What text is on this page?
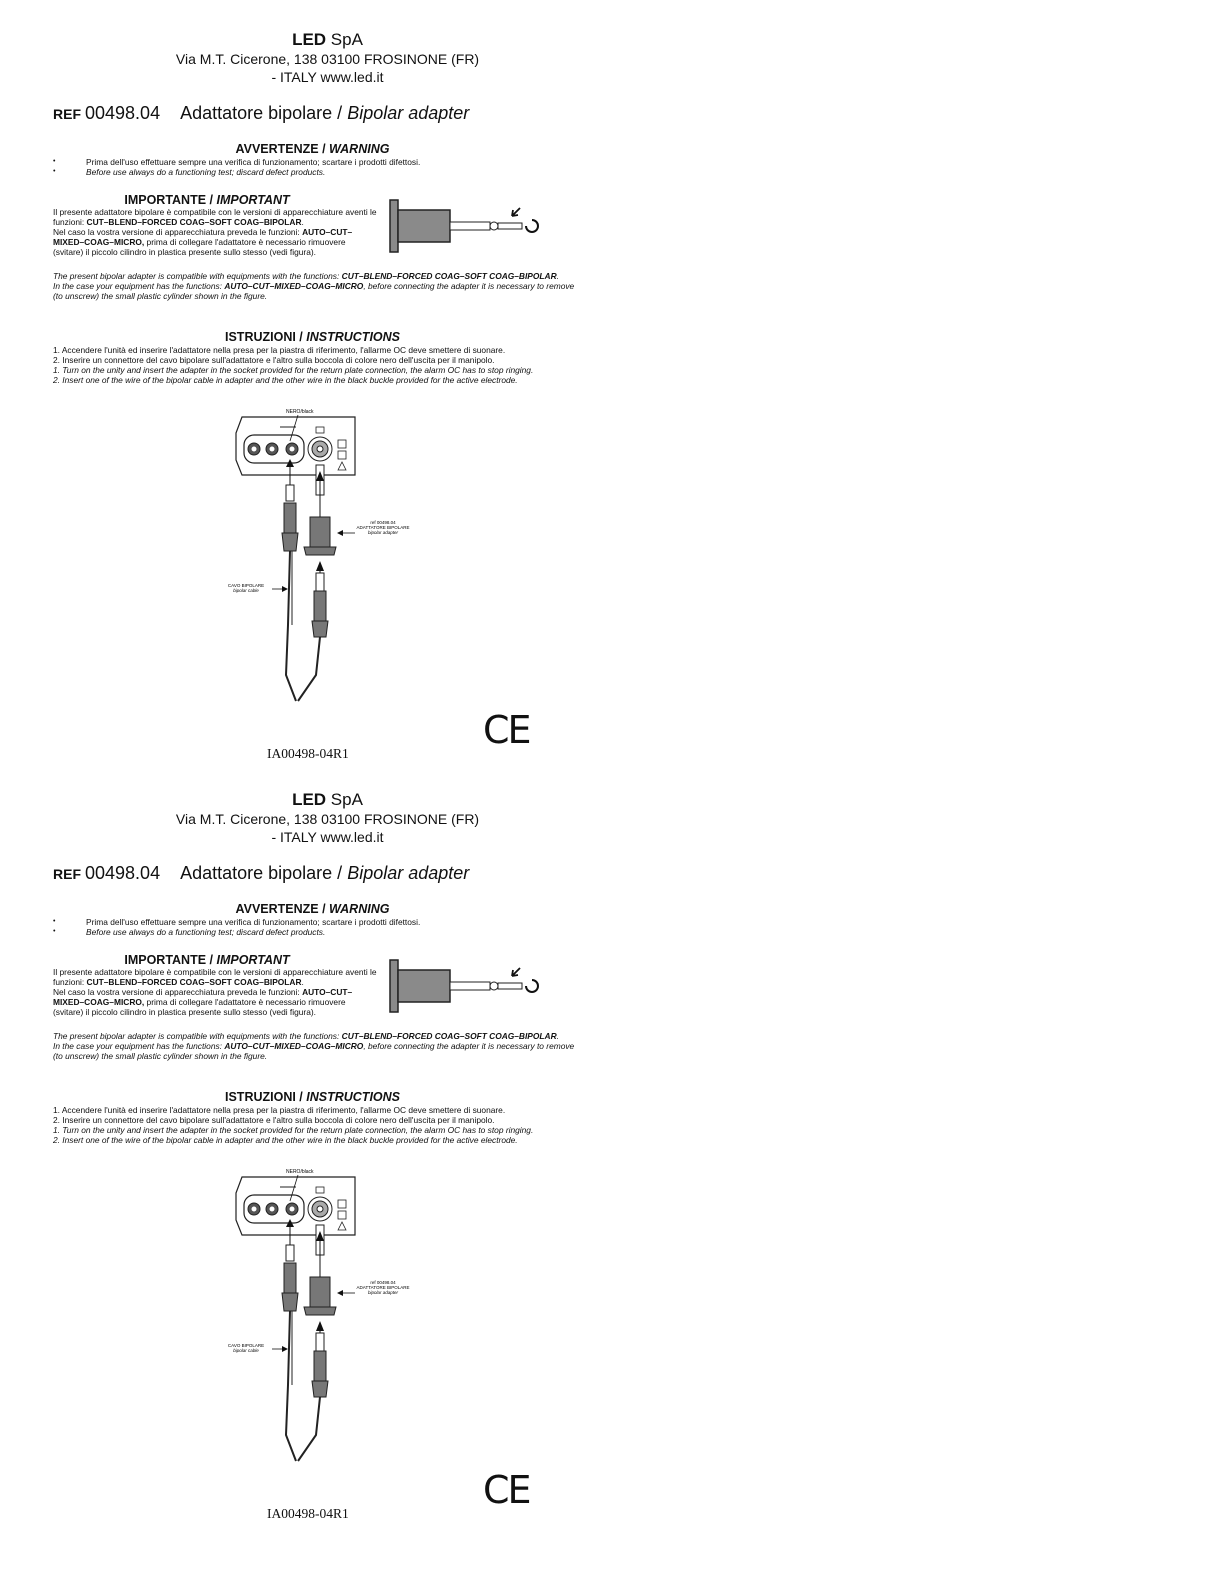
LED SpA
Via M.T. Cicerone, 138 03100 FROSINONE (FR)
- ITALY www.led.it
REF 00498.04 Adattatore bipolare / Bipolar adapter
AVVERTENZE / WARNING
• Prima dell'uso effettuare sempre una verifica di funzionamento; scartare i prodotti difettosi.
• Before use always do a functioning test; discard defect products.
IMPORTANTE / IMPORTANT
Il presente adattatore bipolare è compatibile con le versioni di apparecchiature aventi le funzioni: CUT–BLEND–FORCED COAG–SOFT COAG–BIPOLAR.
Nel caso la vostra versione di apparecchiatura preveda le funzioni: AUTO–CUT–MIXED–COAG–MICRO, prima di collegare l'adattatore è necessario rimuovere (svitare) il piccolo cilindro in plastica presente sullo stesso (vedi figura).
The present bipolar adapter is compatible with equipments with the functions: CUT–BLEND–FORCED COAG–SOFT COAG–BIPOLAR.
In the case your equipment has the functions: AUTO–CUT–MIXED–COAG–MICRO, before connecting the adapter it is necessary to remove (to unscrew) the small plastic cylinder shown in the figure.
ISTRUZIONI / INSTRUCTIONS
1. Accendere l'unità ed inserire l'adattatore nella presa per la piastra di riferimento, l'allarme OC deve smettere di suonare.
2. Inserire un connettore del cavo bipolare sull'adattatore e l'altro sulla boccola di colore nero dell'uscita per il manipolo.
1. Turn on the unity and insert the adapter in the socket provided for the return plate connection, the alarm OC has to stop ringing.
2. Insert one of the wire of the bipolar cable in adapter and the other wire in the black buckle provided for the active electrode.
NERO/black
ref 00498.04
ADATTATORE BIPOLARE
bipolar adapter
CAVO BIPOLARE
bipolar cable
CE
IA00498-04R1
LED SpA
Via M.T. Cicerone, 138 03100 FROSINONE (FR)
- ITALY www.led.it
REF 00498.04 Adattatore bipolare / Bipolar adapter
AVVERTENZE / WARNING
• Prima dell'uso effettuare sempre una verifica di funzionamento; scartare i prodotti difettosi.
• Before use always do a functioning test; discard defect products.
IMPORTANTE / IMPORTANT
Il presente adattatore bipolare è compatibile con le versioni di apparecchiature aventi le funzioni: CUT–BLEND–FORCED COAG–SOFT COAG–BIPOLAR.
Nel caso la vostra versione di apparecchiatura preveda le funzioni: AUTO–CUT–MIXED–COAG–MICRO, prima di collegare l'adattatore è necessario rimuovere (svitare) il piccolo cilindro in plastica presente sullo stesso (vedi figura).
The present bipolar adapter is compatible with equipments with the functions: CUT–BLEND–FORCED COAG–SOFT COAG–BIPOLAR.
In the case your equipment has the functions: AUTO–CUT–MIXED–COAG–MICRO, before connecting the adapter it is necessary to remove (to unscrew) the small plastic cylinder shown in the figure.
ISTRUZIONI / INSTRUCTIONS
1. Accendere l'unità ed inserire l'adattatore nella presa per la piastra di riferimento, l'allarme OC deve smettere di suonare.
2. Inserire un connettore del cavo bipolare sull'adattatore e l'altro sulla boccola di colore nero dell'uscita per il manipolo.
1. Turn on the unity and insert the adapter in the socket provided for the return plate connection, the alarm OC has to stop ringing.
2. Insert one of the wire of the bipolar cable in adapter and the other wire in the black buckle provided for the active electrode.
NERO/black
ref 00498.04
ADATTATORE BIPOLARE
bipolar adapter
CAVO BIPOLARE
bipolar cable
CE
IA00498-04R1
